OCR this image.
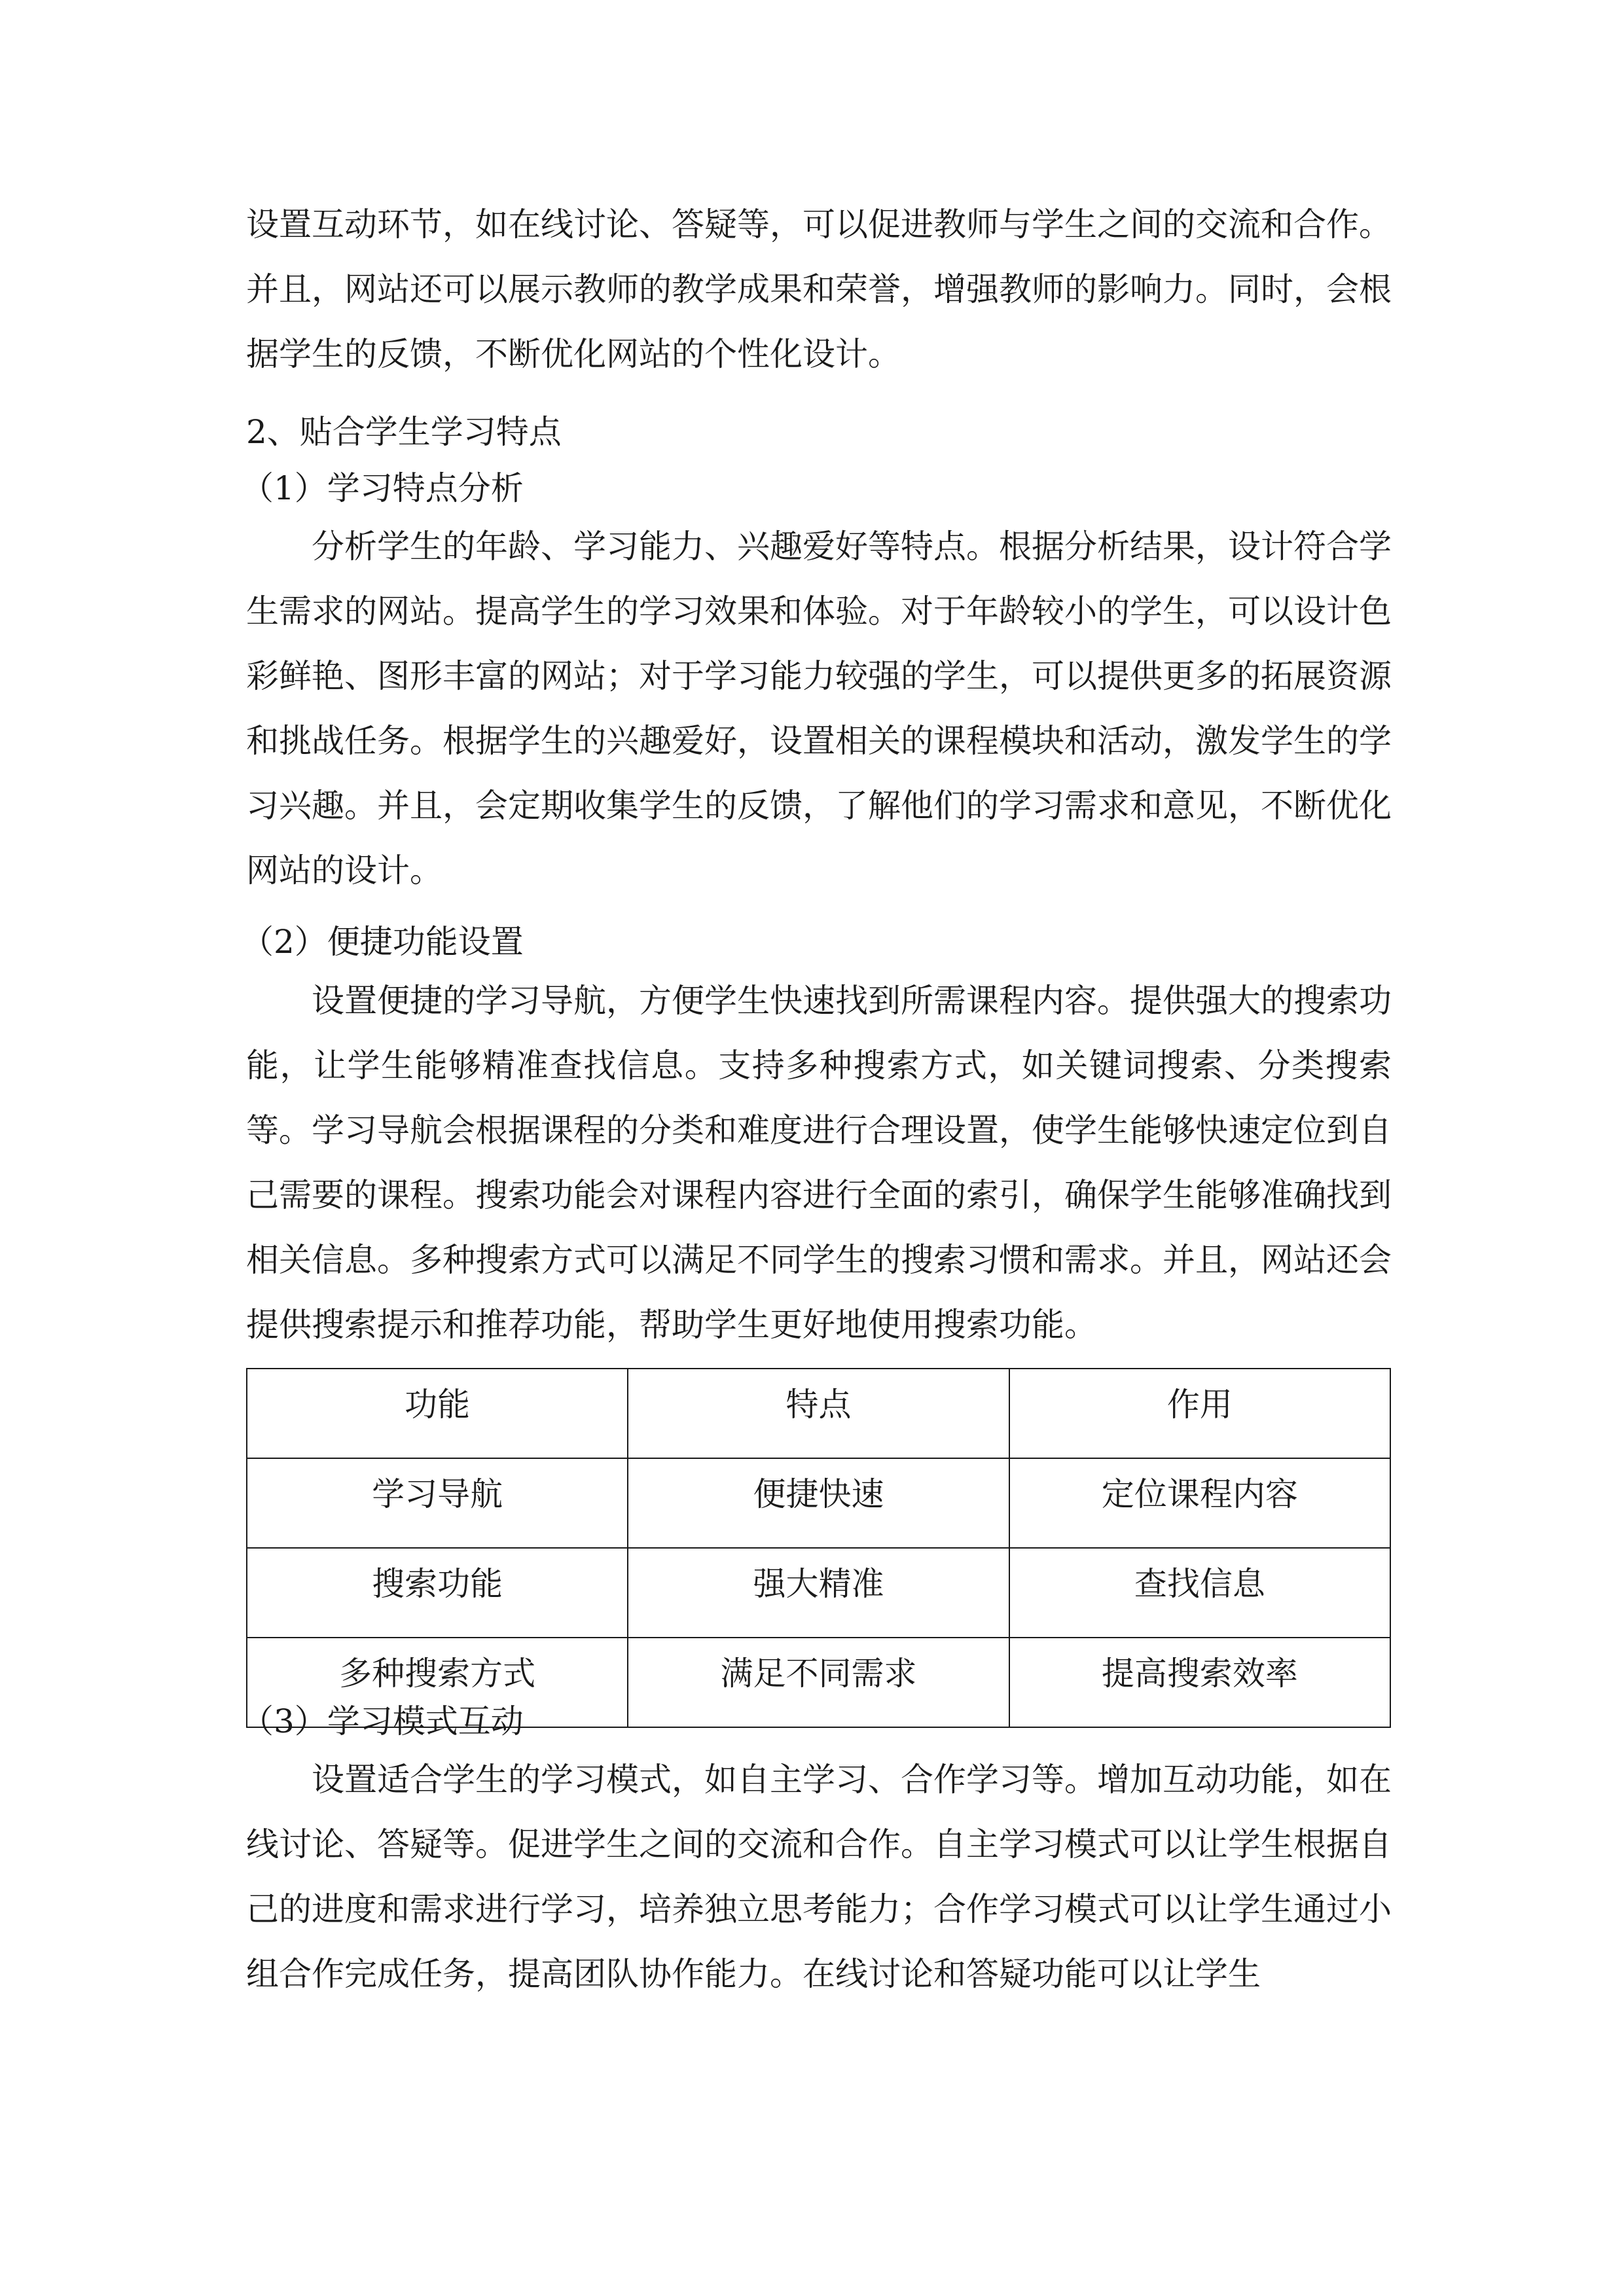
设置互动环节，如在线讨论、答疑等，可以促进教师与学生之间的交流和合作。并且，网站还可以展示教师的教学成果和荣誉，增强教师的影响力。同时，会根据学生的反馈，不断优化网站的个性化设计。

2、贴合学生学习特点

（1）学习特点分析

分析学生的年龄、学习能力、兴趣爱好等特点。根据分析结果，设计符合学生需求的网站。提高学生的学习效果和体验。对于年龄较小的学生，可以设计色彩鲜艳、图形丰富的网站；对于学习能力较强的学生，可以提供更多的拓展资源和挑战任务。根据学生的兴趣爱好，设置相关的课程模块和活动，激发学生的学习兴趣。并且，会定期收集学生的反馈，了解他们的学习需求和意见，不断优化网站的设计。

（2）便捷功能设置

设置便捷的学习导航，方便学生快速找到所需课程内容。提供强大的搜索功能，让学生能够精准查找信息。支持多种搜索方式，如关键词搜索、分类搜索等。学习导航会根据课程的分类和难度进行合理设置，使学生能够快速定位到自己需要的课程。搜索功能会对课程内容进行全面的索引，确保学生能够准确找到相关信息。多种搜索方式可以满足不同学生的搜索习惯和需求。并且，网站还会提供搜索提示和推荐功能，帮助学生更好地使用搜索功能。

功能	特点	作用
学习导航	便捷快速	定位课程内容
搜索功能	强大精准	查找信息
多种搜索方式	满足不同需求	提高搜索效率

（3）学习模式互动

设置适合学生的学习模式，如自主学习、合作学习等。增加互动功能，如在线讨论、答疑等。促进学生之间的交流和合作。自主学习模式可以让学生根据自己的进度和需求进行学习，培养独立思考能力；合作学习模式可以让学生通过小组合作完成任务，提高团队协作能力。在线讨论和答疑功能可以让学生
